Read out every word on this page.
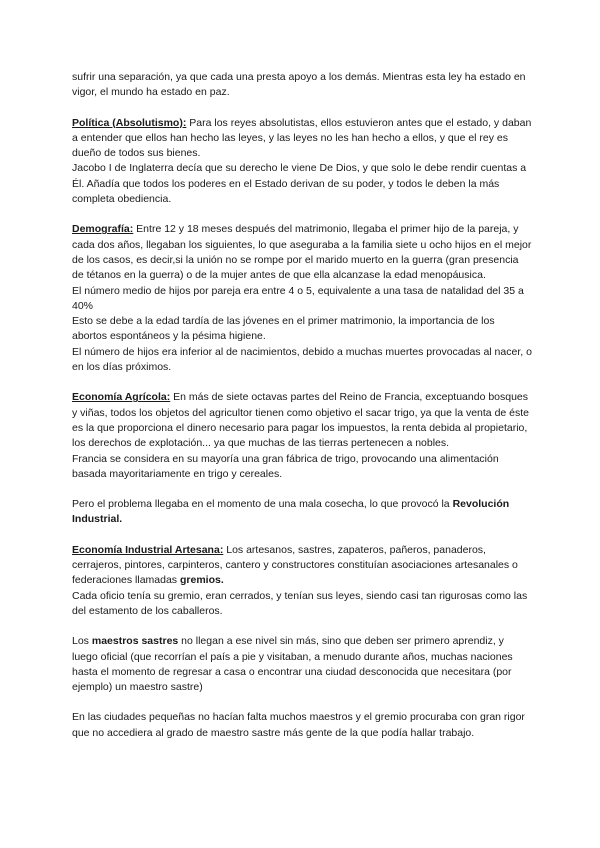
sufrir una separación, ya que cada una presta apoyo a los demás. Mientras esta ley ha estado en vigor, el mundo ha estado en paz.

Política (Absolutismo): Para los reyes absolutistas, ellos estuvieron antes que el estado, y daban a entender que ellos han hecho las leyes, y las leyes no les han hecho a ellos, y que el rey es dueño de todos sus bienes.

Jacobo I de Inglaterra decía que su derecho le viene De Dios, y que solo le debe rendir cuentas a Él. Añadía que todos los poderes en el Estado derivan de su poder, y todos le deben la más completa obediencia.

Demografía: Entre 12 y 18 meses después del matrimonio, llegaba el primer hijo de la pareja, y cada dos años, llegaban los siguientes, lo que aseguraba a la familia siete u ocho hijos en el mejor de los casos, es decir,si la unión no se rompe por el marido muerto en la guerra (gran presencia de tétanos en la guerra) o de la mujer antes de que ella alcanzase la edad menopáusica.

El número medio de hijos por pareja era entre 4 o 5, equivalente a una tasa de natalidad del 35 a 40%

Esto se debe a la edad tardía de las jóvenes en el primer matrimonio, la importancia de los abortos espontáneos y la pésima higiene.

El número de hijos era inferior al de nacimientos, debido a muchas muertes provocadas al nacer, o en los días próximos.

Economía Agrícola: En más de siete octavas partes del Reino de Francia, exceptuando bosques y viñas, todos los objetos del agricultor tienen como objetivo el sacar trigo, ya que la venta de éste es la que proporciona el dinero necesario para pagar los impuestos, la renta debida al propietario, los derechos de explotación... ya que muchas de las tierras pertenecen a nobles.

Francia se considera en su mayoría una gran fábrica de trigo, provocando una alimentación basada mayoritariamente en trigo y cereales.

Pero el problema llegaba en el momento de una mala cosecha, lo que provocó la Revolución Industrial.

Economía Industrial Artesana: Los artesanos, sastres, zapateros, pañeros, panaderos, cerrajeros, pintores, carpinteros, cantero y constructores constituían asociaciones artesanales o federaciones llamadas gremios.

Cada oficio tenía su gremio, eran cerrados, y tenían sus leyes, siendo casi tan rigurosas como las del estamento de los caballeros.

Los maestros sastres no llegan a ese nivel sin más, sino que deben ser primero aprendiz, y luego oficial (que recorrían el país a pie y visitaban, a menudo durante años, muchas naciones hasta el momento de regresar a casa o encontrar una ciudad desconocida que necesitara (por ejemplo) un maestro sastre)

En las ciudades pequeñas no hacían falta muchos maestros y el gremio procuraba con gran rigor que no accediera al grado de maestro sastre más gente de la que podía hallar trabajo.
